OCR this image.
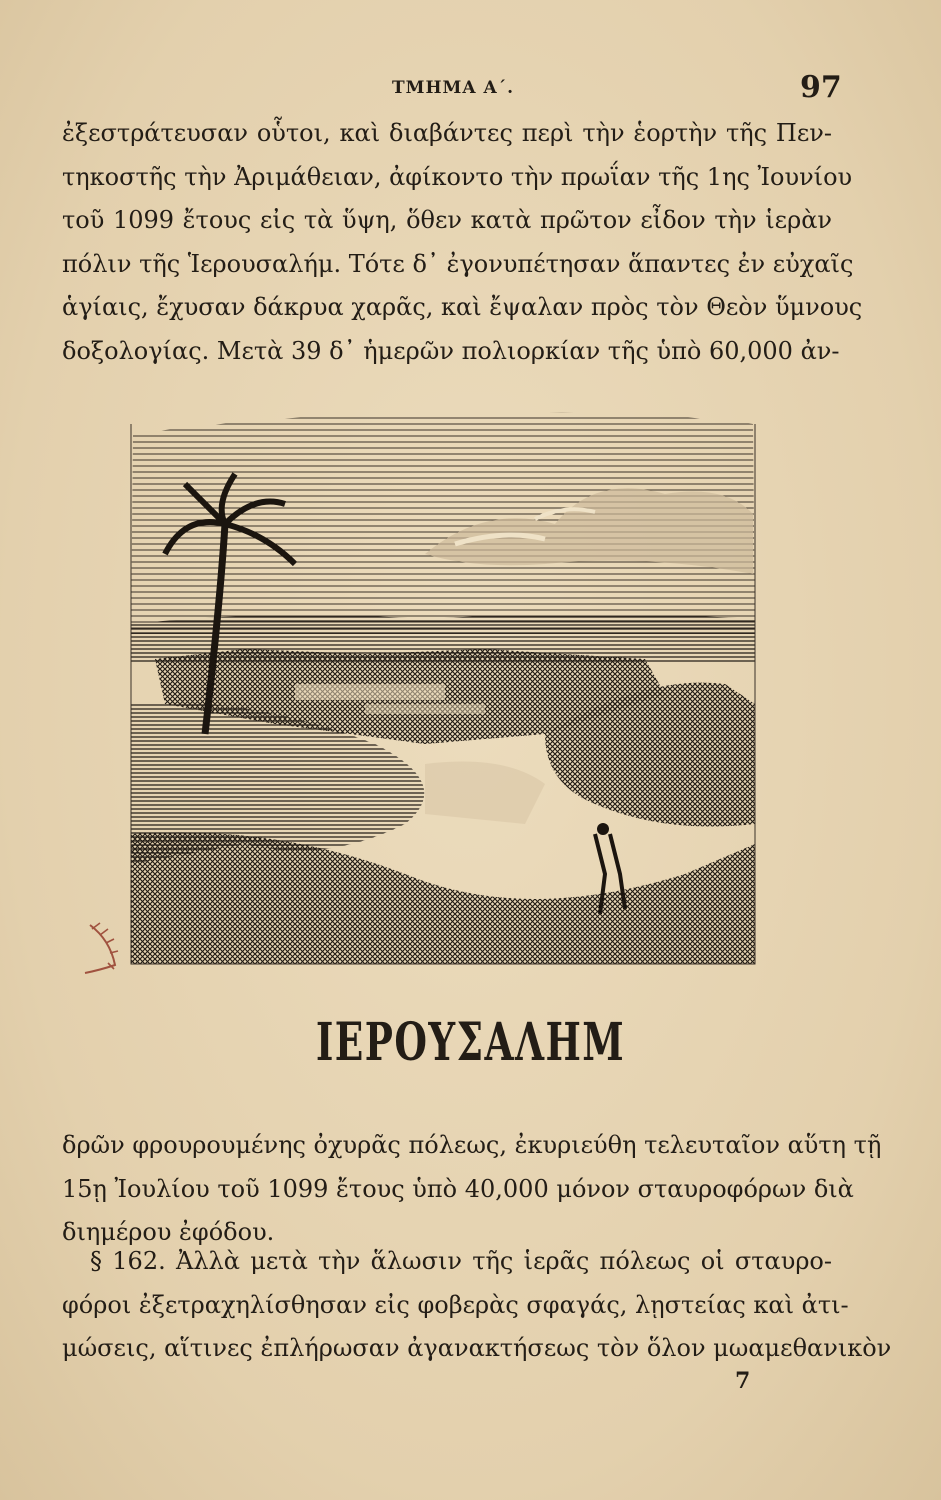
ΤΜΗΜΑ Α΄.	97
ἐξεστράτευσαν οὗτοι, καὶ διαβάντες περὶ τὴν ἑορτὴν τῆς Πεν-
τηκοστῆς τὴν Ἀριμάθειαν, ἀφίκοντο τὴν πρωΐαν τῆς 1ης Ἰουνίου
τοῦ 1099 ἔτους εἰς τὰ ὕψη, ὅθεν κατὰ πρῶτον εἶδον τὴν ἱερὰν
πόλιν τῆς Ἱερουσαλήμ. Τότε δ᾽ ἐγονυπέτησαν ἅπαντες ἐν εὐχαῖς
ἁγίαις, ἔχυσαν δάκρυα χαρᾶς, καὶ ἔψαλαν πρὸς τὸν Θεὸν ὕμνους
δοξολογίας. Μετὰ 39 δ᾽ ἡμερῶν πολιορκίαν τῆς ὑπὸ 60,000 ἀν-
ΙΕΡΟΥΣΑΛΗΜ
δρῶν φρουρουμένης ὀχυρᾶς πόλεως, ἐκυριεύθη τελευταῖον αὕτη τῇ
15ῃ Ἰουλίου τοῦ 1099 ἔτους ὑπὸ 40,000 μόνον σταυροφόρων διὰ
διημέρου ἐφόδου.
§ 162. Ἀλλὰ μετὰ τὴν ἅλωσιν τῆς ἱερᾶς πόλεως οἱ σταυρο-
φόροι ἐξετραχηλίσθησαν εἰς φοβερὰς σφαγάς, λῃστείας καὶ ἀτι-
μώσεις, αἵτινες ἐπλήρωσαν ἀγανακτήσεως τὸν ὅλον μωαμεθανικὸν
7
